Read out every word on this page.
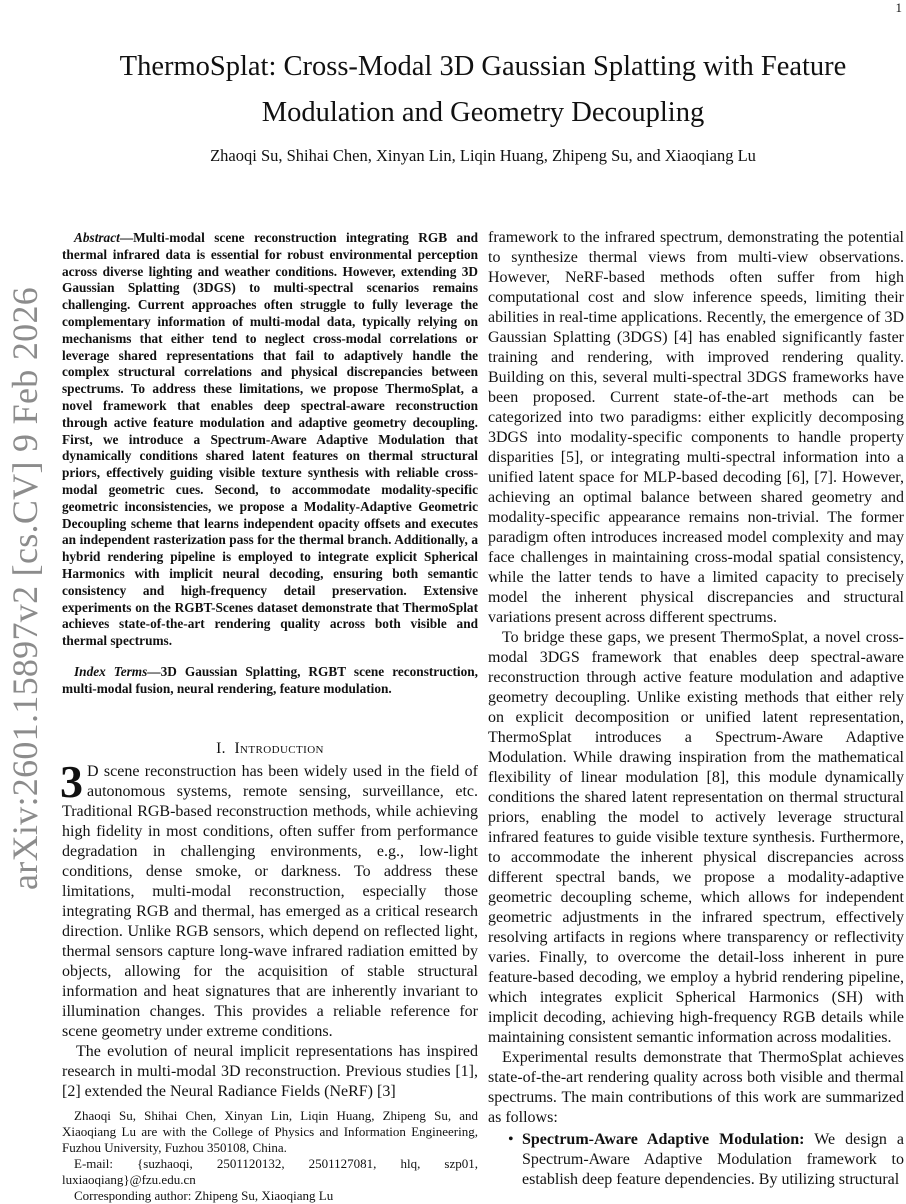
1
arXiv:2601.15897v2 [cs.CV] 9 Feb 2026
ThermoSplat: Cross-Modal 3D Gaussian Splatting with Feature
Modulation and Geometry Decoupling
Zhaoqi Su, Shihai Chen, Xinyan Lin, Liqin Huang, Zhipeng Su, and Xiaoqiang Lu

Abstract—Multi-modal scene reconstruction integrating RGB and thermal infrared data is essential for robust environmental perception across diverse lighting and weather conditions. However, extending 3D Gaussian Splatting (3DGS) to multi-spectral scenarios remains challenging. Current approaches often struggle to fully leverage the complementary information of multi-modal data, typically relying on mechanisms that either tend to neglect cross-modal correlations or leverage shared representations that fail to adaptively handle the complex structural correlations and physical discrepancies between spectrums. To address these limitations, we propose ThermoSplat, a novel framework that enables deep spectral-aware reconstruction through active feature modulation and adaptive geometry decoupling. First, we introduce a Spectrum-Aware Adaptive Modulation that dynamically conditions shared latent features on thermal structural priors, effectively guiding visible texture synthesis with reliable cross-modal geometric cues. Second, to accommodate modality-specific geometric inconsistencies, we propose a Modality-Adaptive Geometric Decoupling scheme that learns independent opacity offsets and executes an independent rasterization pass for the thermal branch. Additionally, a hybrid rendering pipeline is employed to integrate explicit Spherical Harmonics with implicit neural decoding, ensuring both semantic consistency and high-frequency detail preservation. Extensive experiments on the RGBT-Scenes dataset demonstrate that ThermoSplat achieves state-of-the-art rendering quality across both visible and thermal spectrums.

Index Terms—3D Gaussian Splatting, RGBT scene reconstruction, multi-modal fusion, neural rendering, feature modulation.

I. Introduction

3 D scene reconstruction has been widely used in the field of autonomous systems, remote sensing, surveillance, etc. Traditional RGB-based reconstruction methods, while achieving high fidelity in most conditions, often suffer from performance degradation in challenging environments, e.g., low-light conditions, dense smoke, or darkness. To address these limitations, multi-modal reconstruction, especially those integrating RGB and thermal, has emerged as a critical research direction. Unlike RGB sensors, which depend on reflected light, thermal sensors capture long-wave infrared radiation emitted by objects, allowing for the acquisition of stable structural information and heat signatures that are inherently invariant to illumination changes. This provides a reliable reference for scene geometry under extreme conditions.

The evolution of neural implicit representations has inspired research in multi-modal 3D reconstruction. Previous studies [1], [2] extended the Neural Radiance Fields (NeRF) [3]

Zhaoqi Su, Shihai Chen, Xinyan Lin, Liqin Huang, Zhipeng Su, and Xiaoqiang Lu are with the College of Physics and Information Engineering, Fuzhou University, Fuzhou 350108, China.

E-mail: {suzhaoqi, 2501120132, 2501127081, hlq, szp01, luxiaoqiang}@fzu.edu.cn

Corresponding author: Zhipeng Su, Xiaoqiang Lu

framework to the infrared spectrum, demonstrating the potential to synthesize thermal views from multi-view observations. However, NeRF-based methods often suffer from high computational cost and slow inference speeds, limiting their abilities in real-time applications. Recently, the emergence of 3D Gaussian Splatting (3DGS) [4] has enabled significantly faster training and rendering, with improved rendering quality. Building on this, several multi-spectral 3DGS frameworks have been proposed. Current state-of-the-art methods can be categorized into two paradigms: either explicitly decomposing 3DGS into modality-specific components to handle property disparities [5], or integrating multi-spectral information into a unified latent space for MLP-based decoding [6], [7]. However, achieving an optimal balance between shared geometry and modality-specific appearance remains non-trivial. The former paradigm often introduces increased model complexity and may face challenges in maintaining cross-modal spatial consistency, while the latter tends to have a limited capacity to precisely model the inherent physical discrepancies and structural variations present across different spectrums.

To bridge these gaps, we present ThermoSplat, a novel cross-modal 3DGS framework that enables deep spectral-aware reconstruction through active feature modulation and adaptive geometry decoupling. Unlike existing methods that either rely on explicit decomposition or unified latent representation, ThermoSplat introduces a Spectrum-Aware Adaptive Modulation. While drawing inspiration from the mathematical flexibility of linear modulation [8], this module dynamically conditions the shared latent representation on thermal structural priors, enabling the model to actively leverage structural infrared features to guide visible texture synthesis. Furthermore, to accommodate the inherent physical discrepancies across different spectral bands, we propose a modality-adaptive geometric decoupling scheme, which allows for independent geometric adjustments in the infrared spectrum, effectively resolving artifacts in regions where transparency or reflectivity varies. Finally, to overcome the detail-loss inherent in pure feature-based decoding, we employ a hybrid rendering pipeline, which integrates explicit Spherical Harmonics (SH) with implicit decoding, achieving high-frequency RGB details while maintaining consistent semantic information across modalities.

Experimental results demonstrate that ThermoSplat achieves state-of-the-art rendering quality across both visible and thermal spectrums. The main contributions of this work are summarized as follows:

• Spectrum-Aware Adaptive Modulation: We design a Spectrum-Aware Adaptive Modulation framework to establish deep feature dependencies. By utilizing structural
